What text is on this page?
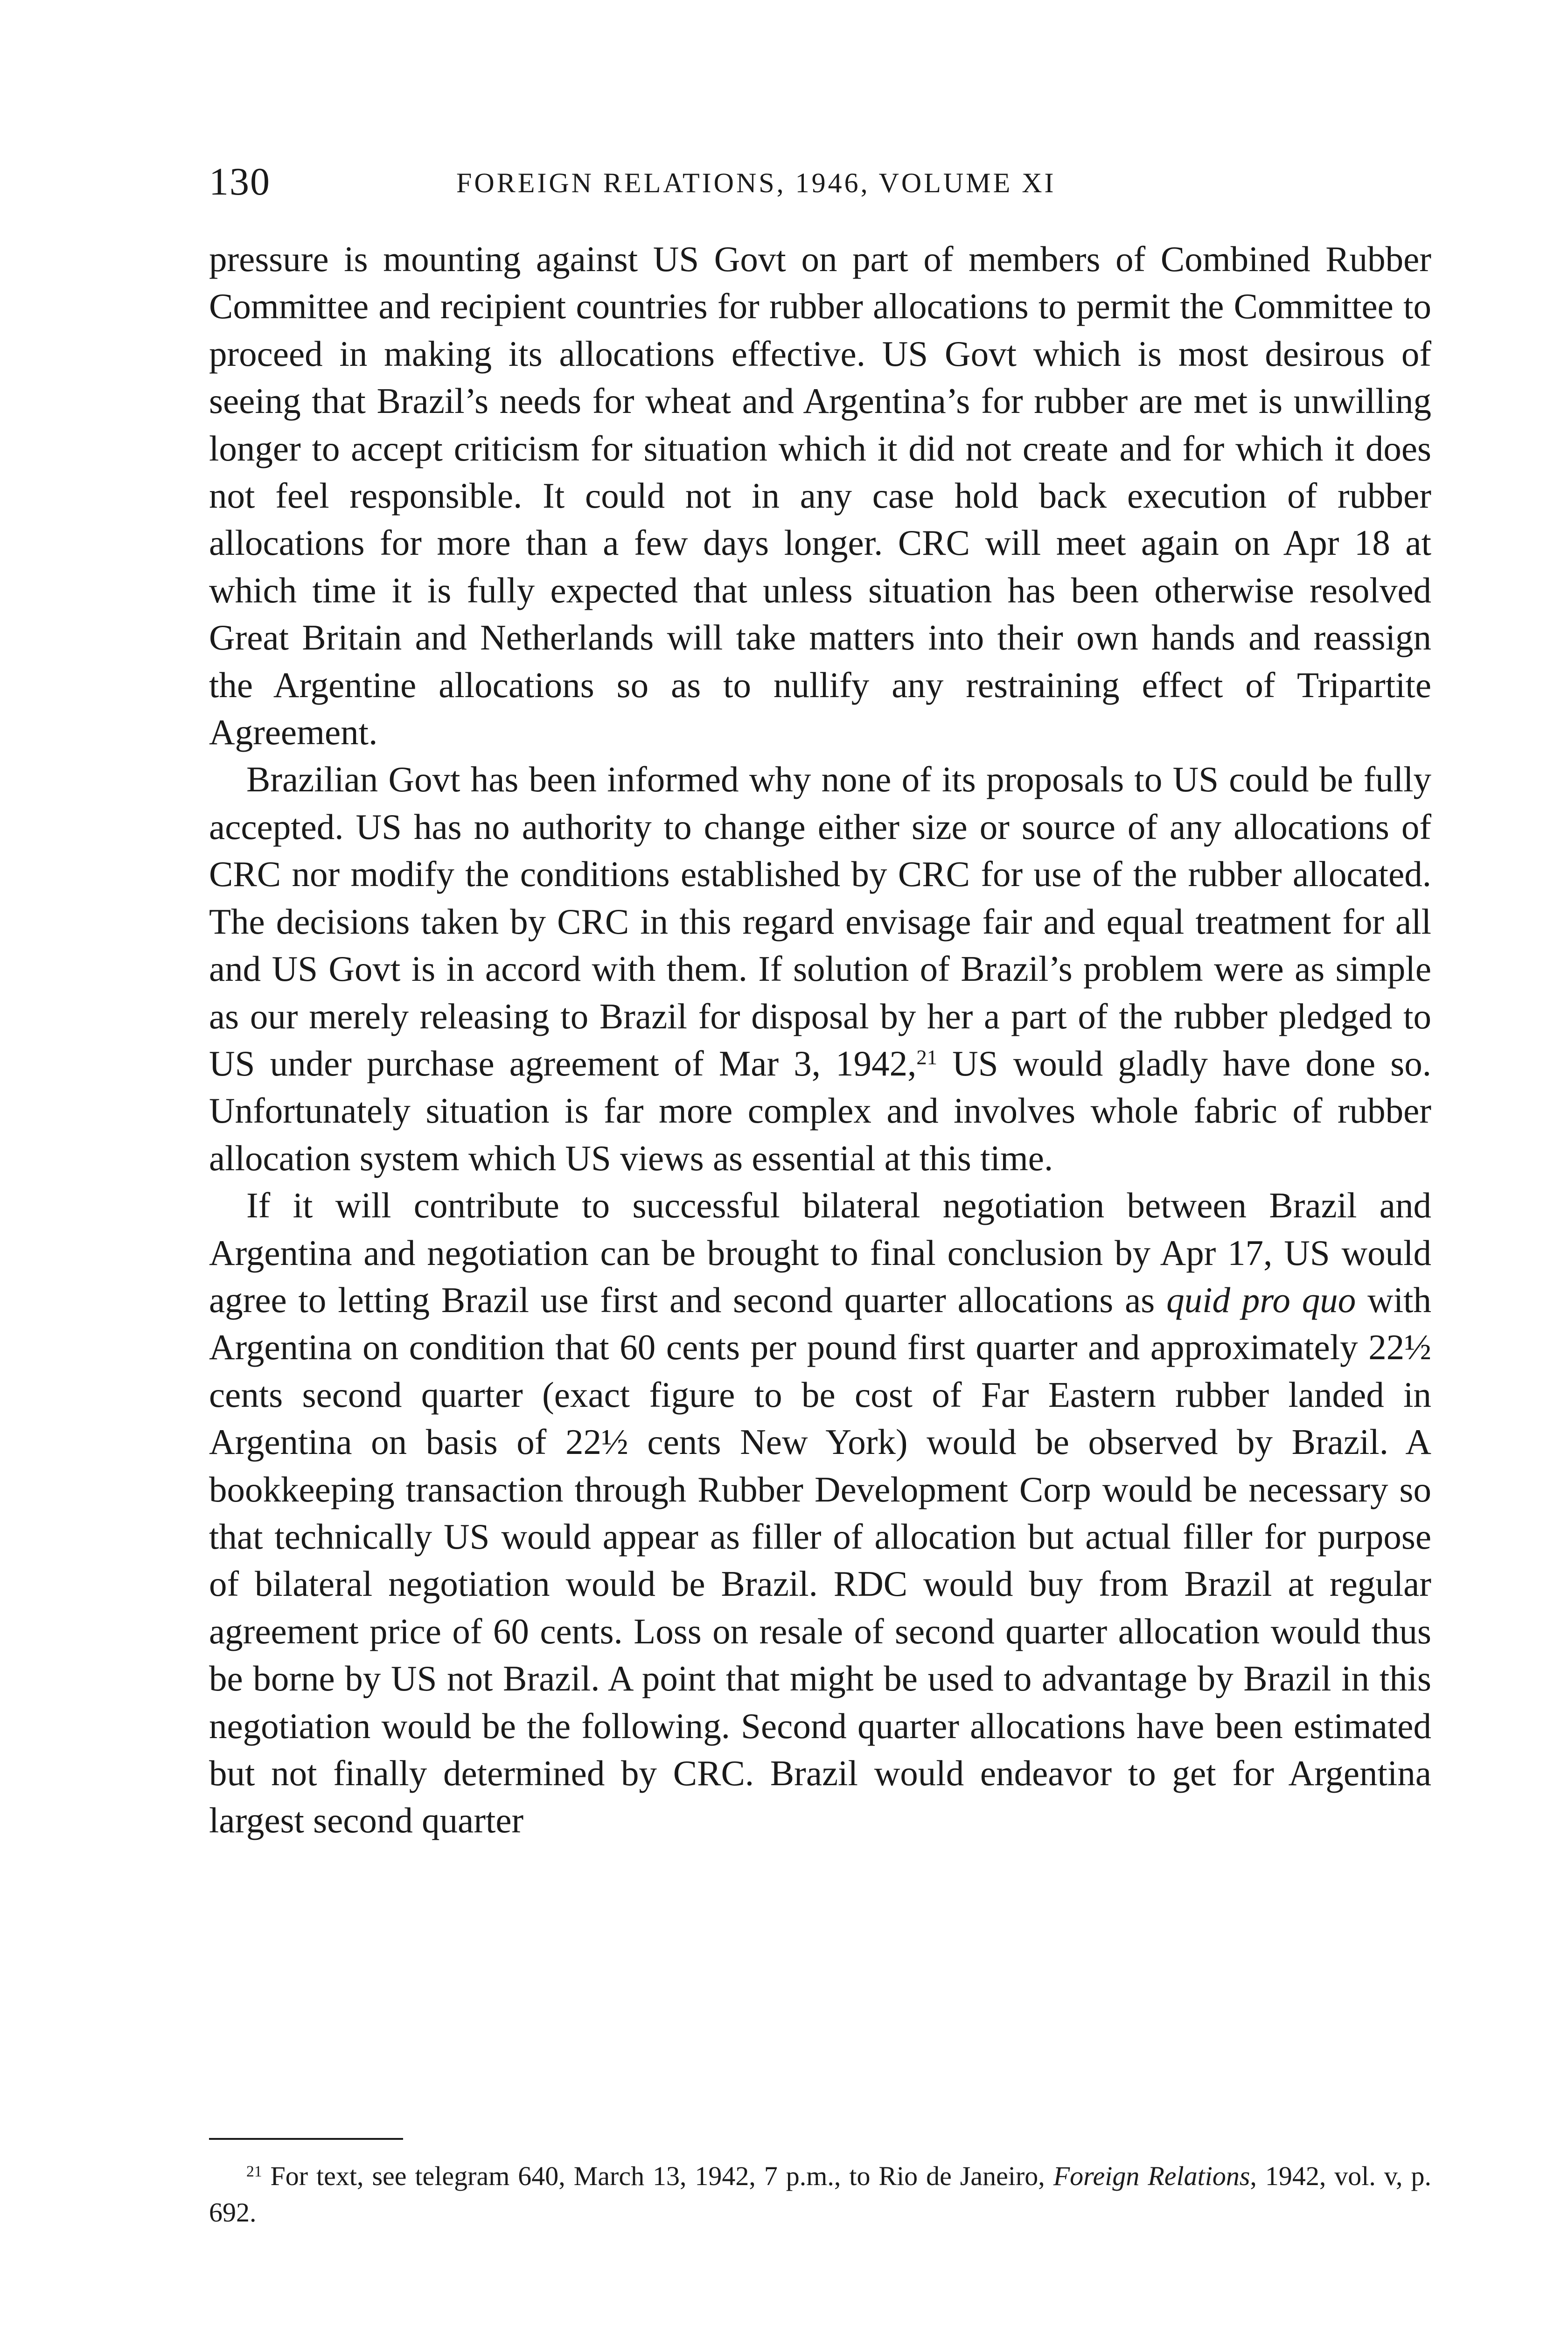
130	FOREIGN RELATIONS, 1946, VOLUME XI

pressure is mounting against US Govt on part of members of Combined Rubber Committee and recipient countries for rubber allocations to permit the Committee to proceed in making its allocations effective. US Govt which is most desirous of seeing that Brazil’s needs for wheat and Argentina’s for rubber are met is unwilling longer to accept criticism for situation which it did not create and for which it does not feel responsible. It could not in any case hold back execution of rubber allocations for more than a few days longer. CRC will meet again on Apr 18 at which time it is fully expected that unless situation has been otherwise resolved Great Britain and Netherlands will take matters into their own hands and reassign the Argentine allocations so as to nullify any restraining effect of Tripartite Agreement.

Brazilian Govt has been informed why none of its proposals to US could be fully accepted. US has no authority to change either size or source of any allocations of CRC nor modify the conditions established by CRC for use of the rubber allocated. The decisions taken by CRC in this regard envisage fair and equal treatment for all and US Govt is in accord with them. If solution of Brazil’s problem were as simple as our merely releasing to Brazil for disposal by her a part of the rubber pledged to US under purchase agreement of Mar 3, 1942,21 US would gladly have done so. Unfortunately situation is far more complex and involves whole fabric of rubber allocation system which US views as essential at this time.

If it will contribute to successful bilateral negotiation between Brazil and Argentina and negotiation can be brought to final conclusion by Apr 17, US would agree to letting Brazil use first and second quarter allocations as quid pro quo with Argentina on condition that 60 cents per pound first quarter and approximately 22½ cents second quarter (exact figure to be cost of Far Eastern rubber landed in Argentina on basis of 22½ cents New York) would be observed by Brazil. A bookkeeping transaction through Rubber Development Corp would be necessary so that technically US would appear as filler of allocation but actual filler for purpose of bilateral negotiation would be Brazil. RDC would buy from Brazil at regular agreement price of 60 cents. Loss on resale of second quarter allocation would thus be borne by US not Brazil. A point that might be used to advantage by Brazil in this negotiation would be the following. Second quarter allocations have been estimated but not finally determined by CRC. Brazil would endeavor to get for Argentina largest second quarter

$^{21}$ For text, see telegram 640, March 13, 1942, 7 p.m., to Rio de Janeiro, Foreign Relations, 1942, vol. v, p. 692.
